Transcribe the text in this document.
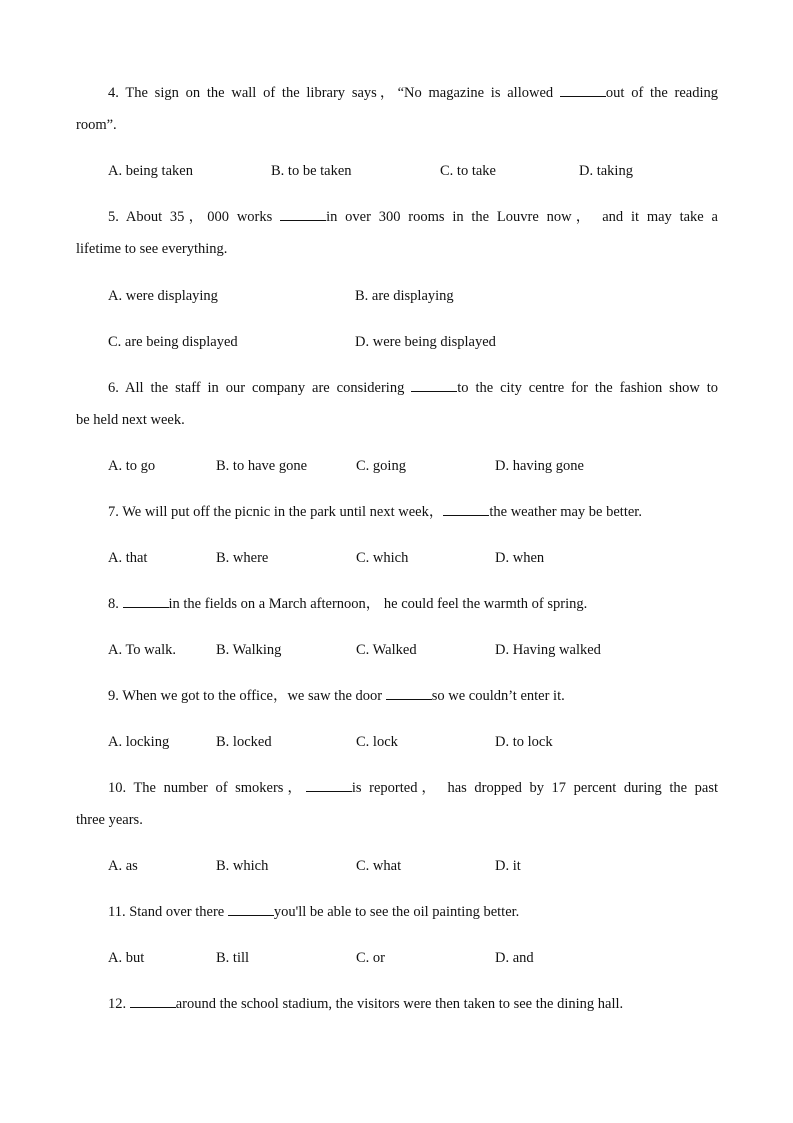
4. The sign on the wall of the library says，“No magazine is allowed	out of the reading
room”.
A. being taken	B. to be taken	C. to take	D. taking
5. About 35，000 works	in over 300 rooms in the Louvre now， and it may take a
lifetime to see everything.
A. were displaying	B. are displaying
C. are being displayed	D. were being displayed
6. All the staff in our company are considering	to the city centre for the fashion show to
be held next week.
A. to go	B. to have gone	C. going	D. having gone
7. We will put off the picnic in the park until next week，	the weather may be better.
A. that	B. where	C. which	D. when
8.	in the fields on a March afternoon， he could feel the warmth of spring.
A. To walk.	B. Walking	C. Walked	D. Having walked
9. When we got to the office，we saw the door	so we couldn’t enter it.
A. locking	B. locked	C. lock	D. to lock
10. The number of smokers，	is reported， has dropped by 17 percent during the past
three years.
A. as	B. which	C. what	D. it
11. Stand over there	you'll be able to see the oil painting better.
A. but	B. till	C. or	D. and
12.	around the school stadium, the visitors were then taken to see the dining hall.
